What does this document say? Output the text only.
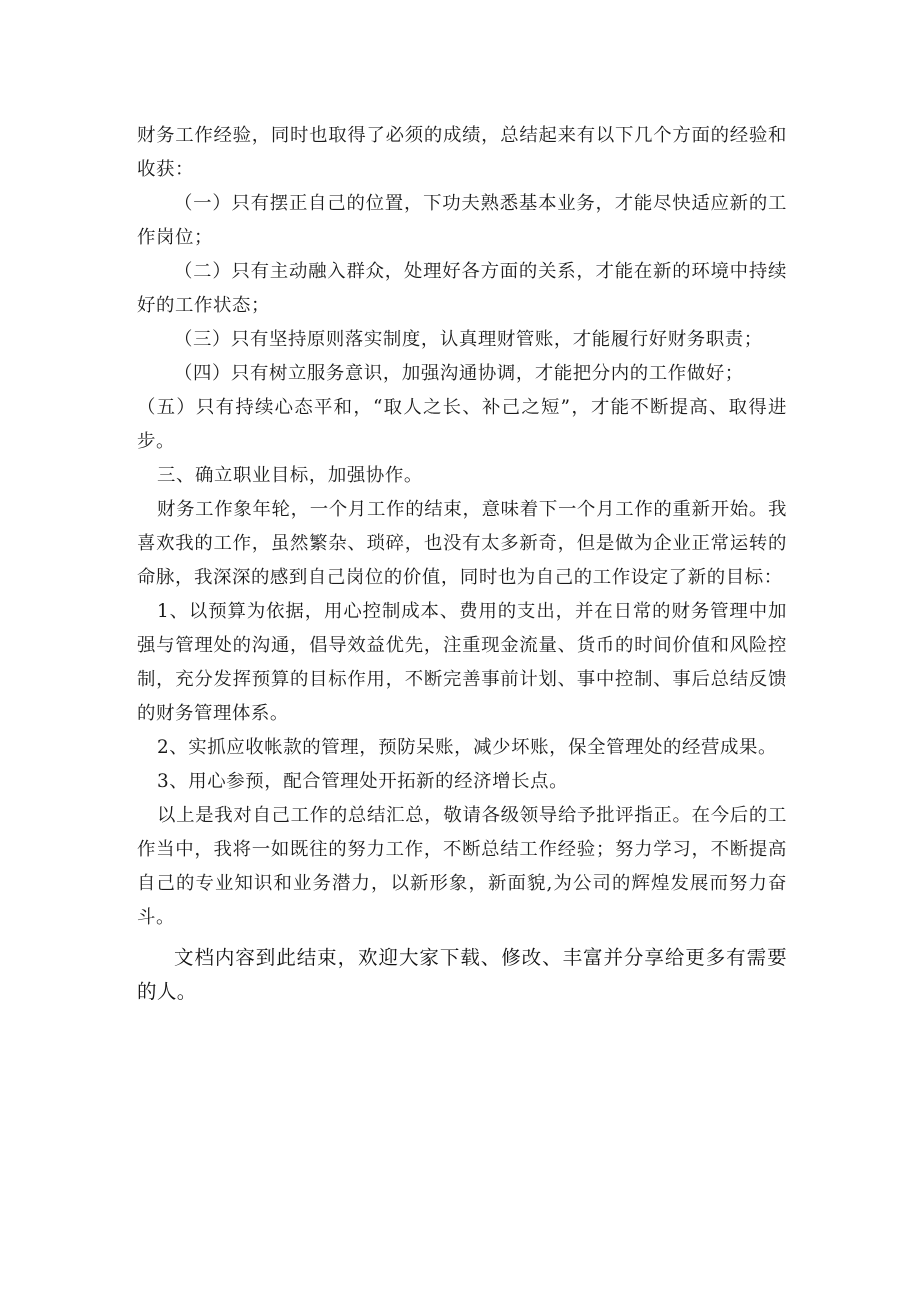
财务工作经验，同时也取得了必须的成绩，总结起来有以下几个方面的经验和收获：

（一）只有摆正自己的位置，下功夫熟悉基本业务，才能尽快适应新的工作岗位；

（二）只有主动融入群众，处理好各方面的关系，才能在新的环境中持续好的工作状态；

（三）只有坚持原则落实制度，认真理财管账，才能履行好财务职责；

（四）只有树立服务意识，加强沟通协调，才能把分内的工作做好；

（五）只有持续心态平和，“取人之长、补己之短”，才能不断提高、取得进步。

三、确立职业目标，加强协作。

财务工作象年轮，一个月工作的结束，意味着下一个月工作的重新开始。我喜欢我的工作，虽然繁杂、琐碎，也没有太多新奇，但是做为企业正常运转的命脉，我深深的感到自己岗位的价值，同时也为自己的工作设定了新的目标：

1、以预算为依据，用心控制成本、费用的支出，并在日常的财务管理中加强与管理处的沟通，倡导效益优先，注重现金流量、货币的时间价值和风险控制，充分发挥预算的目标作用，不断完善事前计划、事中控制、事后总结反馈的财务管理体系。

2、实抓应收帐款的管理，预防呆账，减少坏账，保全管理处的经营成果。

3、用心参预，配合管理处开拓新的经济增长点。

以上是我对自己工作的总结汇总，敬请各级领导给予批评指正。在今后的工作当中，我将一如既往的努力工作，不断总结工作经验；努力学习，不断提高自己的专业知识和业务潜力，以新形象，新面貌,为公司的辉煌发展而努力奋斗。

文档内容到此结束，欢迎大家下载、修改、丰富并分享给更多有需要的人。
